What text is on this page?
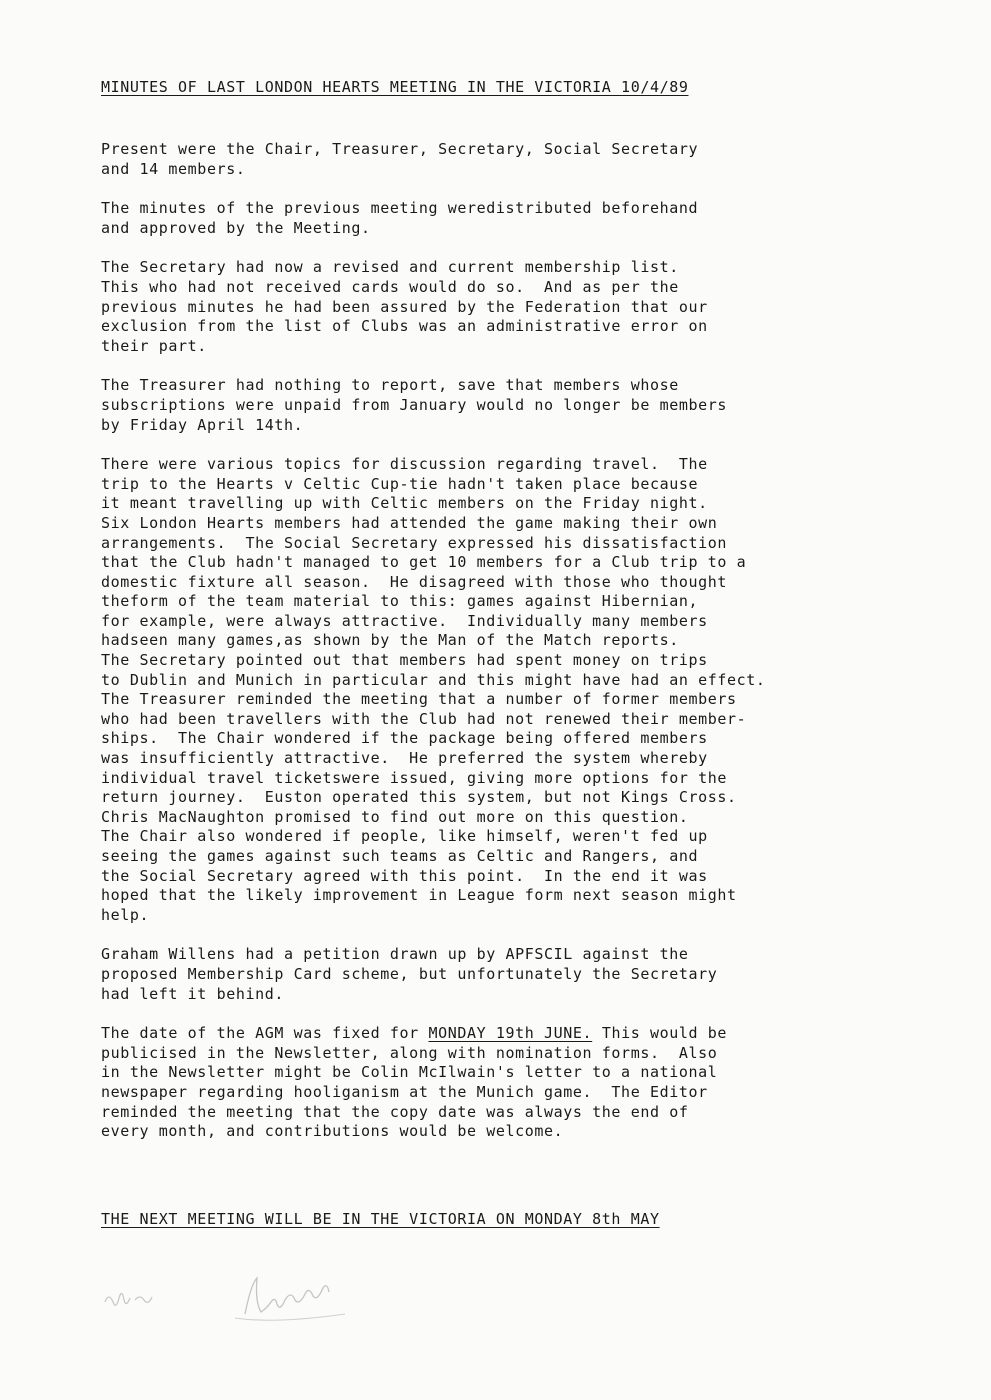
MINUTES OF LAST LONDON HEARTS MEETING IN THE VICTORIA 10/4/89
Present were the Chair, Treasurer, Secretary, Social Secretary
and 14 members.
The minutes of the previous meeting weredistributed beforehand
and approved by the Meeting.
The Secretary had now a revised and current membership list.
This who had not received cards would do so.  And as per the
previous minutes he had been assured by the Federation that our
exclusion from the list of Clubs was an administrative error on
their part.
The Treasurer had nothing to report, save that members whose
subscriptions were unpaid from January would no longer be members
by Friday April 14th.
There were various topics for discussion regarding travel.  The
trip to the Hearts v Celtic Cup-tie hadn't taken place because
it meant travelling up with Celtic members on the Friday night.
Six London Hearts members had attended the game making their own
arrangements.  The Social Secretary expressed his dissatisfaction
that the Club hadn't managed to get 10 members for a Club trip to a
domestic fixture all season.  He disagreed with those who thought
theform of the team material to this: games against Hibernian,
for example, were always attractive.  Individually many members
hadseen many games,as shown by the Man of the Match reports.
The Secretary pointed out that members had spent money on trips
to Dublin and Munich in particular and this might have had an effect.
The Treasurer reminded the meeting that a number of former members
who had been travellers with the Club had not renewed their member-
ships.  The Chair wondered if the package being offered members
was insufficiently attractive.  He preferred the system whereby
individual travel ticketswere issued, giving more options for the
return journey.  Euston operated this system, but not Kings Cross.
Chris MacNaughton promised to find out more on this question.
The Chair also wondered if people, like himself, weren't fed up
seeing the games against such teams as Celtic and Rangers, and
the Social Secretary agreed with this point.  In the end it was
hoped that the likely improvement in League form next season might
help.
Graham Willens had a petition drawn up by APFSCIL against the
proposed Membership Card scheme, but unfortunately the Secretary
had left it behind.
The date of the AGM was fixed for MONDAY 19th JUNE. This would be
publicised in the Newsletter, along with nomination forms.  Also
in the Newsletter might be Colin McIlwain's letter to a national
newspaper regarding hooliganism at the Munich game.  The Editor
reminded the meeting that the copy date was always the end of
every month, and contributions would be welcome.
THE NEXT MEETING WILL BE IN THE VICTORIA ON MONDAY 8th MAY
